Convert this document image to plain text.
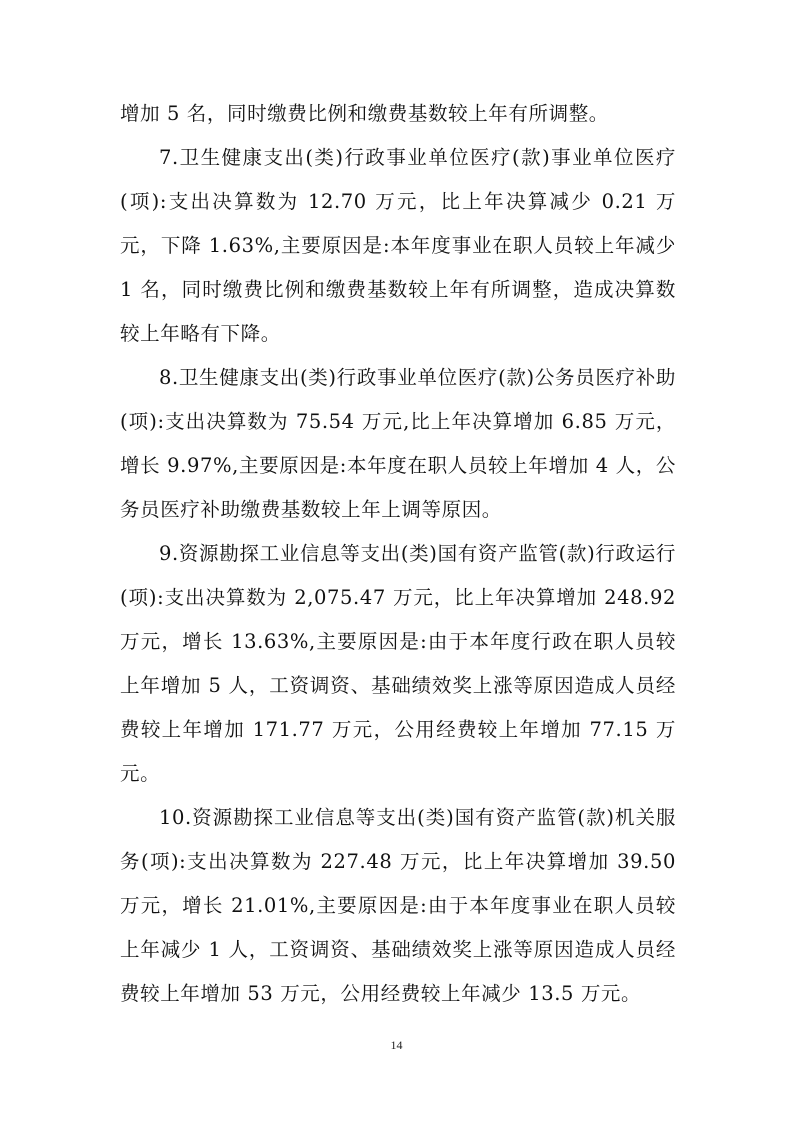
增加 5 名，同时缴费比例和缴费基数较上年有所调整。

7.卫生健康支出(类)行政事业单位医疗(款)事业单位医疗(项):支出决算数为 12.70 万元，比上年决算减少 0.21 万元，下降 1.63%,主要原因是:本年度事业在职人员较上年减少 1 名，同时缴费比例和缴费基数较上年有所调整，造成决算数较上年略有下降。

8.卫生健康支出(类)行政事业单位医疗(款)公务员医疗补助(项):支出决算数为 75.54 万元,比上年决算增加 6.85 万元，增长 9.97%,主要原因是:本年度在职人员较上年增加 4 人，公务员医疗补助缴费基数较上年上调等原因。

9.资源勘探工业信息等支出(类)国有资产监管(款)行政运行(项):支出决算数为 2,075.47 万元，比上年决算增加 248.92 万元，增长 13.63%,主要原因是:由于本年度行政在职人员较上年增加 5 人，工资调资、基础绩效奖上涨等原因造成人员经费较上年增加 171.77 万元，公用经费较上年增加 77.15 万元。

10.资源勘探工业信息等支出(类)国有资产监管(款)机关服务(项):支出决算数为 227.48 万元，比上年决算增加 39.50 万元，增长 21.01%,主要原因是:由于本年度事业在职人员较上年减少 1 人，工资调资、基础绩效奖上涨等原因造成人员经费较上年增加 53 万元，公用经费较上年减少 13.5 万元。

14
